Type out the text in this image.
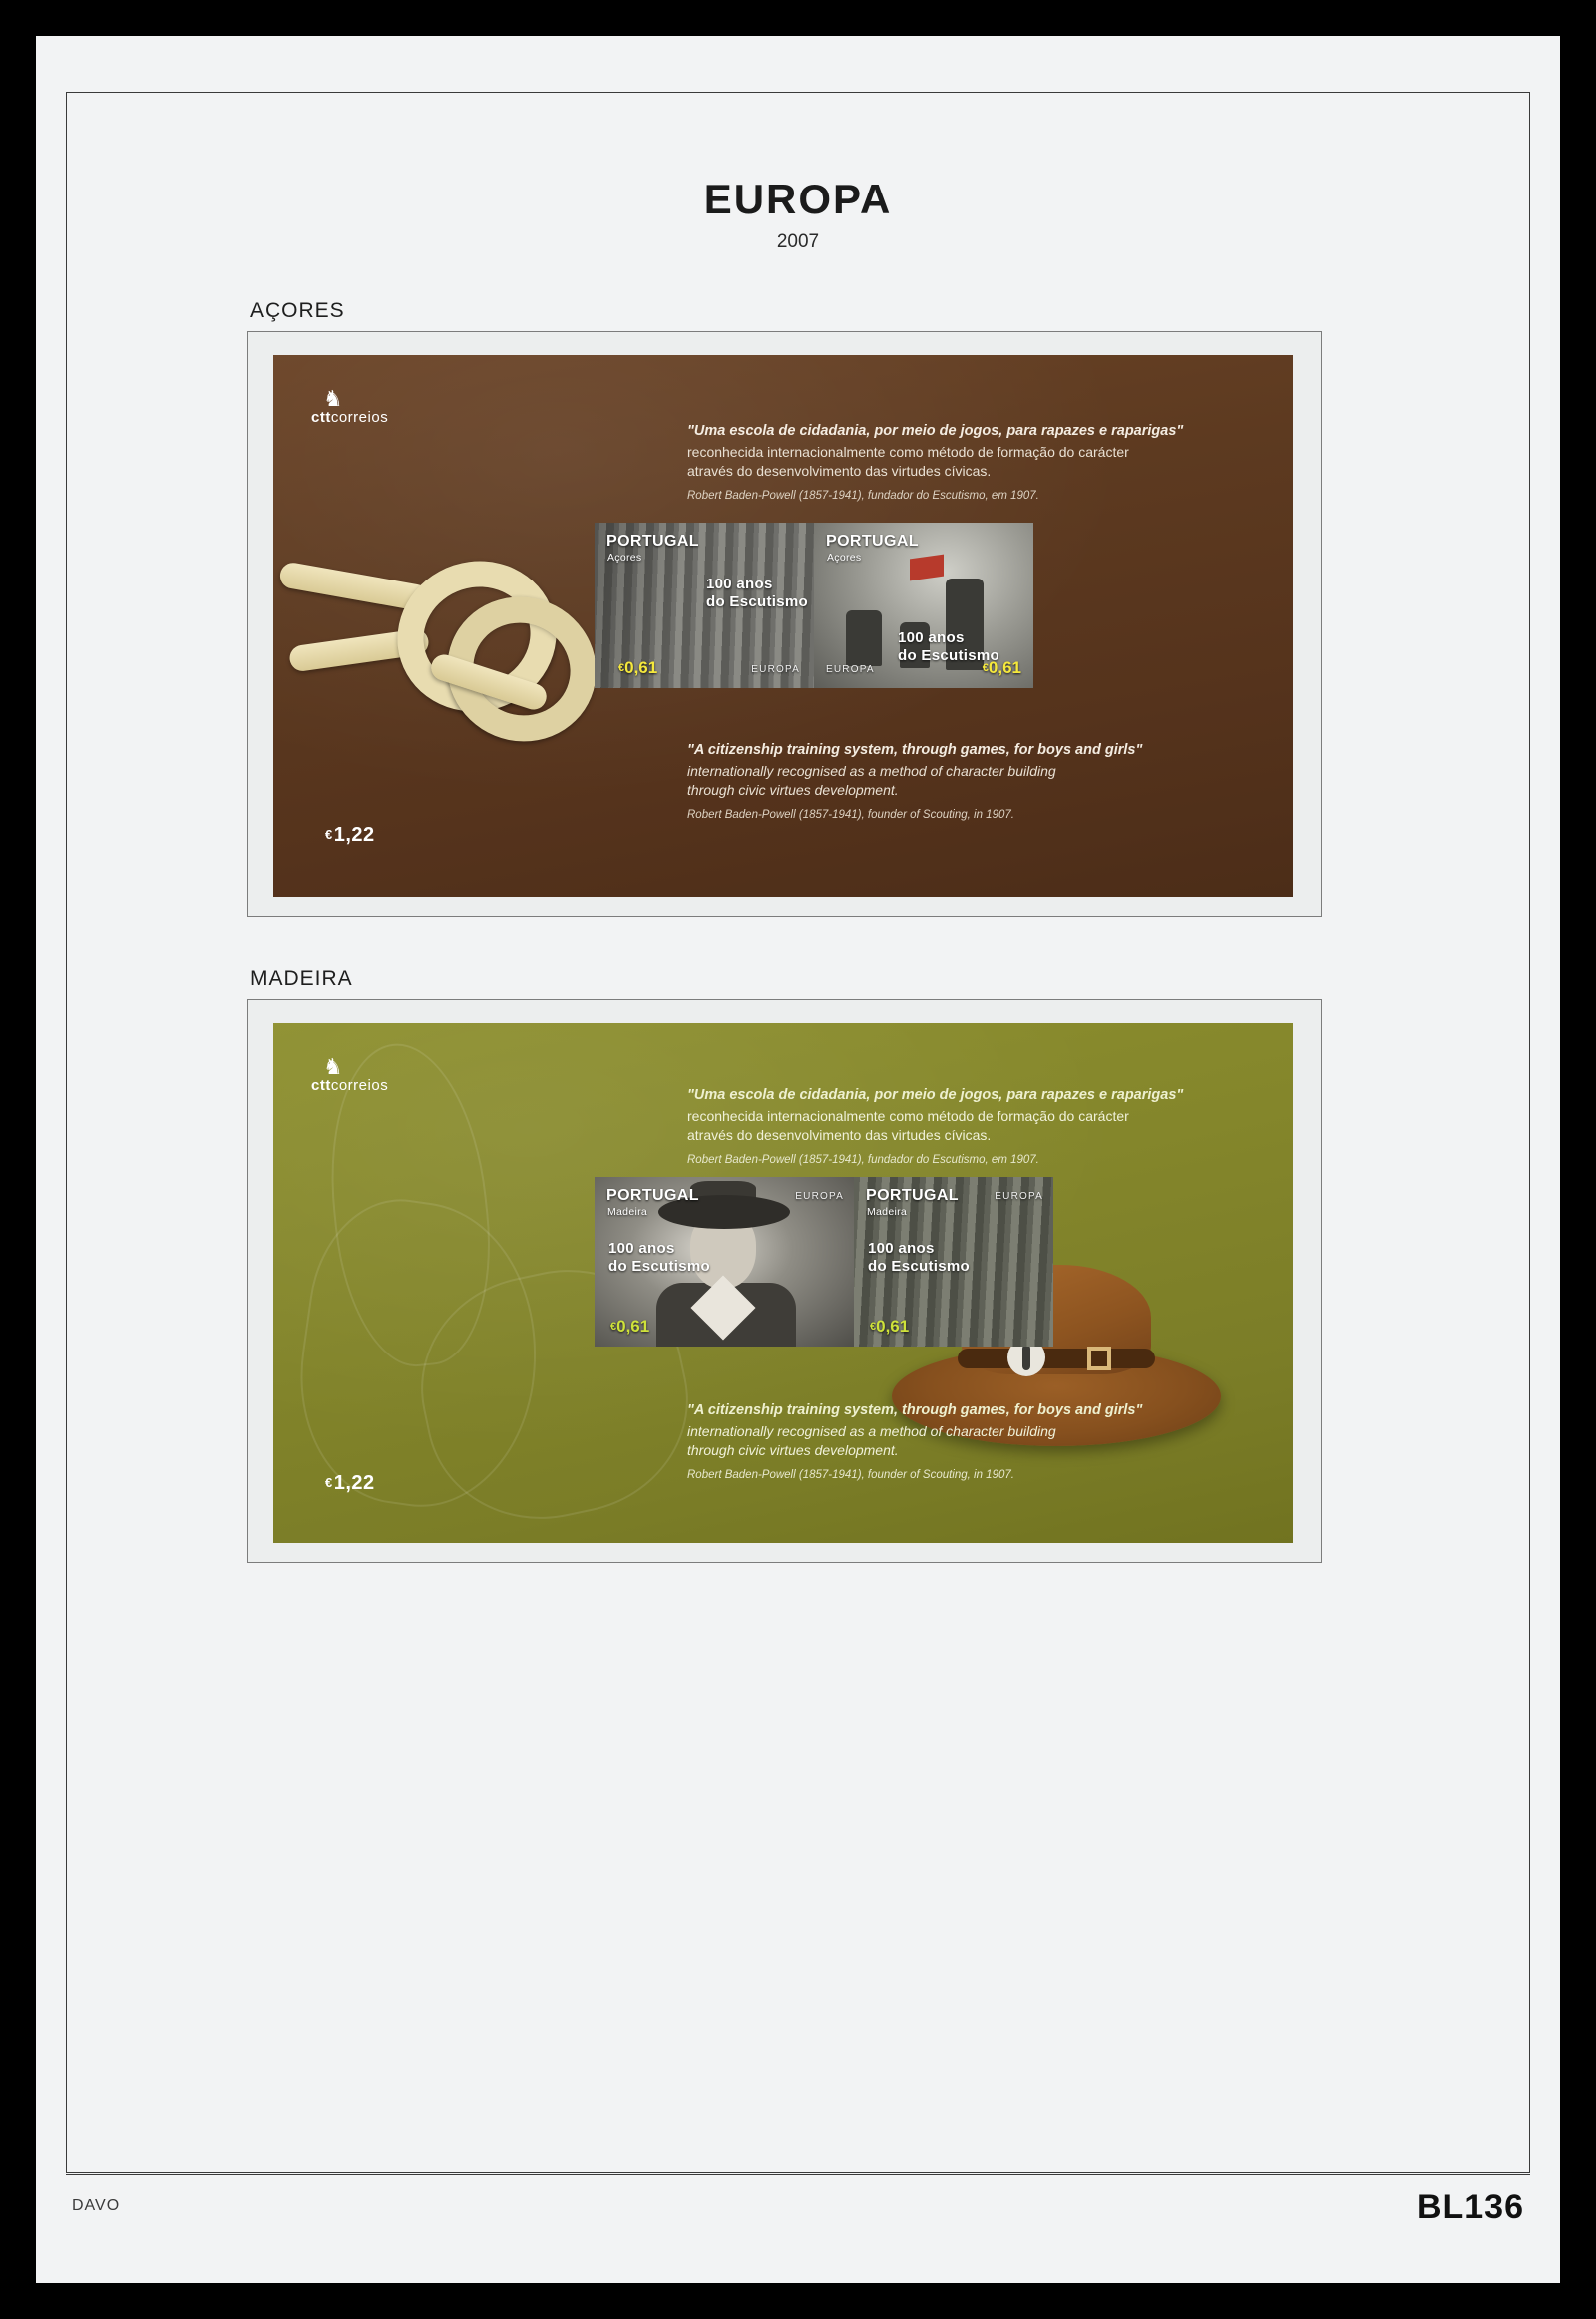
EUROPA
2007
AÇORES
♞
cttcorreios
"Uma escola de cidadania, por meio de jogos, para rapazes e raparigas"
reconhecida internacionalmente como método de formação do carácter
através do desenvolvimento das virtudes cívicas.
Robert Baden-Powell (1857-1941), fundador do Escutismo, em 1907.
PORTUGAL
Açores
100 anos
do Escutismo
€0,61	EUROPA
PORTUGAL
Açores
100 anos
do Escutismo
€0,61
EUROPA
"A citizenship training system, through games, for boys and girls"
internationally recognised as a method of character building
through civic virtues development.
Robert Baden-Powell (1857-1941), founder of Scouting, in 1907.
€1,22
MADEIRA
♞
cttcorreios
"Uma escola de cidadania, por meio de jogos, para rapazes e raparigas"
reconhecida internacionalmente como método de formação do carácter
através do desenvolvimento das virtudes cívicas.
Robert Baden-Powell (1857-1941), fundador do Escutismo, em 1907.
PORTUGAL
Madeira
100 anos
do Escutismo
€0,61
EUROPA PORTUGAL
Madeira
100 anos
do Escutismo
€0,61
EUROPA
"A citizenship training system, through games, for boys and girls"
internationally recognised as a method of character building
through civic virtues development.
Robert Baden-Powell (1857-1941), founder of Scouting, in 1907.
€1,22
DAVO	BL136
